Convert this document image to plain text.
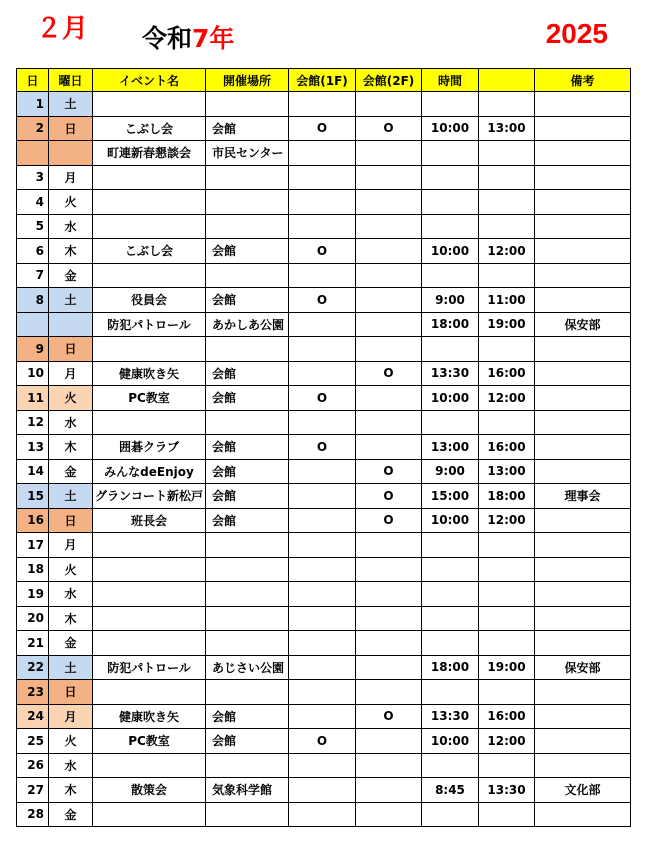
２月 令和7年	2025
日	曜日	イベント名	開催場所	会館(1F)	会館(2F)	時間		備考
1	土							
2	日	こぶし会	会館	O	O	10:00	13:00	
		町連新春懇談会	市民センター					
3	月							
4	火							
5	水							
6	木	こぶし会	会館	O		10:00	12:00	
7	金							
8	土	役員会	会館	O		9:00	11:00	
		防犯パトロール	あかしあ公園			18:00	19:00	保安部
9	日							
10	月	健康吹き矢	会館		O	13:30	16:00	
11	火	PC教室	会館	O		10:00	12:00	
12	水							
13	木	囲碁クラブ	会館	O		13:00	16:00	
14	金	みんなdeEnjoy	会館		O	9:00	13:00	
15	土	グランコート新松戸	会館		O	15:00	18:00	理事会
16	日	班長会	会館		O	10:00	12:00	
17	月							
18	火							
19	水							
20	木							
21	金							
22	土	防犯パトロール	あじさい公園			18:00	19:00	保安部
23	日							
24	月	健康吹き矢	会館		O	13:30	16:00	
25	火	PC教室	会館	O		10:00	12:00	
26	水							
27	木	散策会	気象科学館			8:45	13:30	文化部
28	金							
